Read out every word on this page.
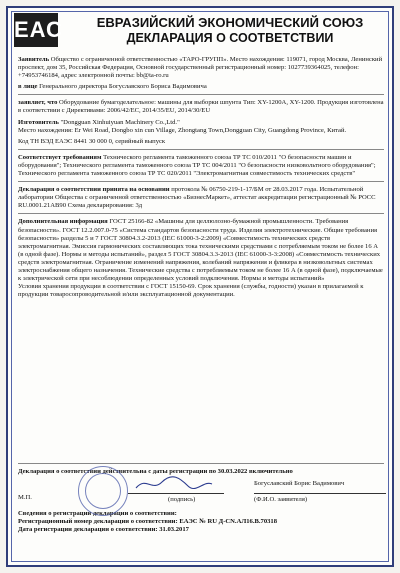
ЕАС	ЕВРАЗИЙСКИЙ ЭКОНОМИЧЕСКИЙ СОЮЗ
ДЕКЛАРАЦИЯ О СООТВЕТСТВИИ
Заявитель Общество с ограниченной ответственностью «ТАРО-ГРУПП». Место нахождения: 119071, город Москва, Ленинский проспект, дом 35, Российская Федерация, Основной государственный регистрационный номер: 1027739364025, телефон: +74953746184, адрес электронной почты: bb@ta-ro.ru
в лице Генерального директора Богуславского Бориса Вадимовича
заявляет, что Оборудование бумагоделательное: машины для выборки шпунта Тип: XY-1200A, XY-1200. Продукция изготовлена в соответствии с Директивами: 2006/42/EC, 2014/35/EU, 2014/30/EU
Изготовитель "Dongguan Xinhuiyuan Machinery Co.,Ltd."
Место нахождения: Er Wei Road, Dongbo xin cun Village, Zhongtang Town,Dongguan City, Guangdong Province, Китай.
Код ТН ВЭД ЕАЭС 8441 30 000 0, серийный выпуск
Соответствует требованиям Технического регламента таможенного союза ТР ТС 010/2011 "О безопасности машин и оборудования"; Технического регламента таможенного союза ТР ТС 004/2011 "О безопасности низковольтного оборудования"; Технического регламента таможенного союза ТР ТС 020/2011 "Электромагнитная совместимость технических средств"
Декларация о соответствии принята на основании протокола № 06750-219-1-17/БМ от 28.03.2017 года. Испытательной лаборатории Общества с ограниченной ответственностью «БизнесМаркет», аттестат аккредитации регистрационный № РОСС RU.0001.21АВ90 Схема декларирования: 3д
Дополнительная информация ГОСТ 25166-82 «Машины для целлюлозно-бумажной промышленности. Требования безопасности». ГОСТ 12.2.007.0-75 «Система стандартов безопасности труда. Изделия электротехнические. Общие требования безопасности» разделы 5 и 7 ГОСТ 30804.3.2-2013 (IEC 61000-3-2:2009) «Совместимость технических средств электромагнитная. Эмиссия гармонических составляющих тока техническими средствами с потребляемым током не более 16 А (в одной фазе). Нормы и методы испытаний», раздел 5 ГОСТ 30804.3.3-2013 (IEC 61000-3-3:2008) «Совместимость технических средств электромагнитная. Ограничение изменений напряжения, колебаний напряжения и фликера в низковольтных системах электроснабжения общего назначения. Технические средства с потребляемым током не более 16 А (в одной фазе), подключаемые к электрической сети при несоблюдении определенных условий подключения. Нормы и методы испытаний»
Условия хранения продукции в соответствии с ГОСТ 15150-69. Срок хранения (службы, годности) указан в прилагаемой к продукции товаросопроводительной и/или эксплуатационной документации.
Декларация о соответствии действительна с даты регистрации по 30.03.2022 включительно
М.П.	(подпись)
Богуславский Борис Вадимович
(Ф.И.О. заявителя)
Сведения о регистрации декларации о соответствии:
Регистрационный номер декларации о соответствии: ЕАЭС № RU Д-CN.АЛ16.В.70318
Дата регистрации декларации о соответствии: 31.03.2017
